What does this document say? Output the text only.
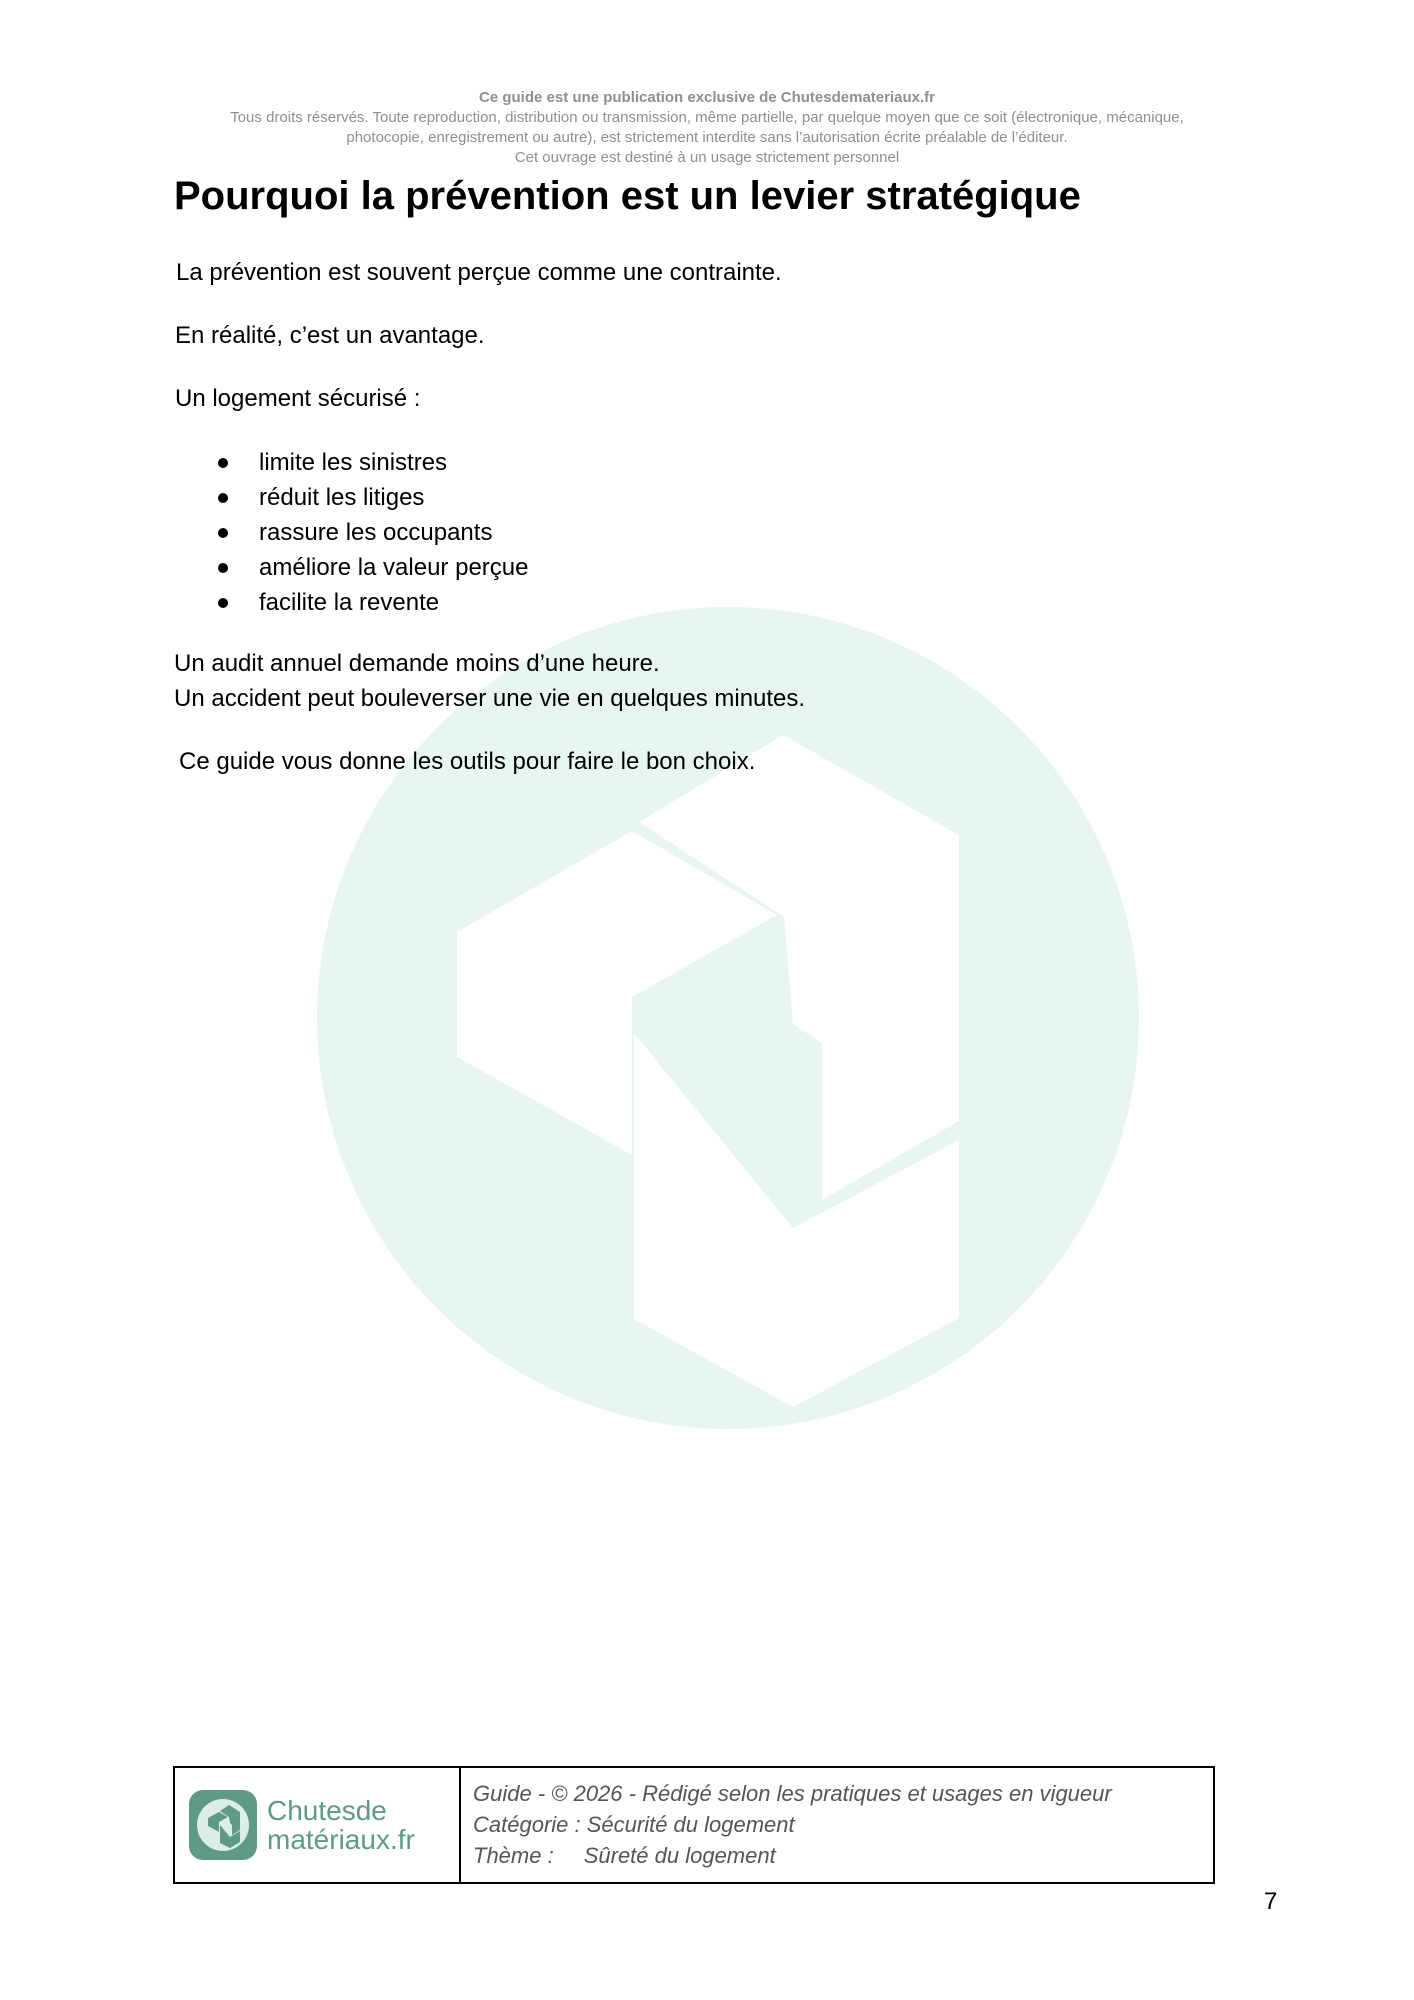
Ce guide est une publication exclusive de Chutesdemateriaux.fr
Tous droits réservés. Toute reproduction, distribution ou transmission, même partielle, par quelque moyen que ce soit (électronique, mécanique,
photocopie, enregistrement ou autre), est strictement interdite sans l’autorisation écrite préalable de l’éditeur.
Cet ouvrage est destiné à un usage strictement personnel
Pourquoi la prévention est un levier stratégique

La prévention est souvent perçue comme une contrainte.

En réalité, c’est un avantage.

Un logement sécurisé :

limite les sinistres
réduit les litiges
rassure les occupants
améliore la valeur perçue
facilite la revente

Un audit annuel demande moins d’une heure.
Un accident peut bouleverser une vie en quelques minutes.

Ce guide vous donne les outils pour faire le bon choix.

Chutesde
matériaux.fr
Guide - © 2026 - Rédigé selon les pratiques et usages en vigueur
Catégorie : Sécurité du logement
Thème : Sûreté du logement
7
